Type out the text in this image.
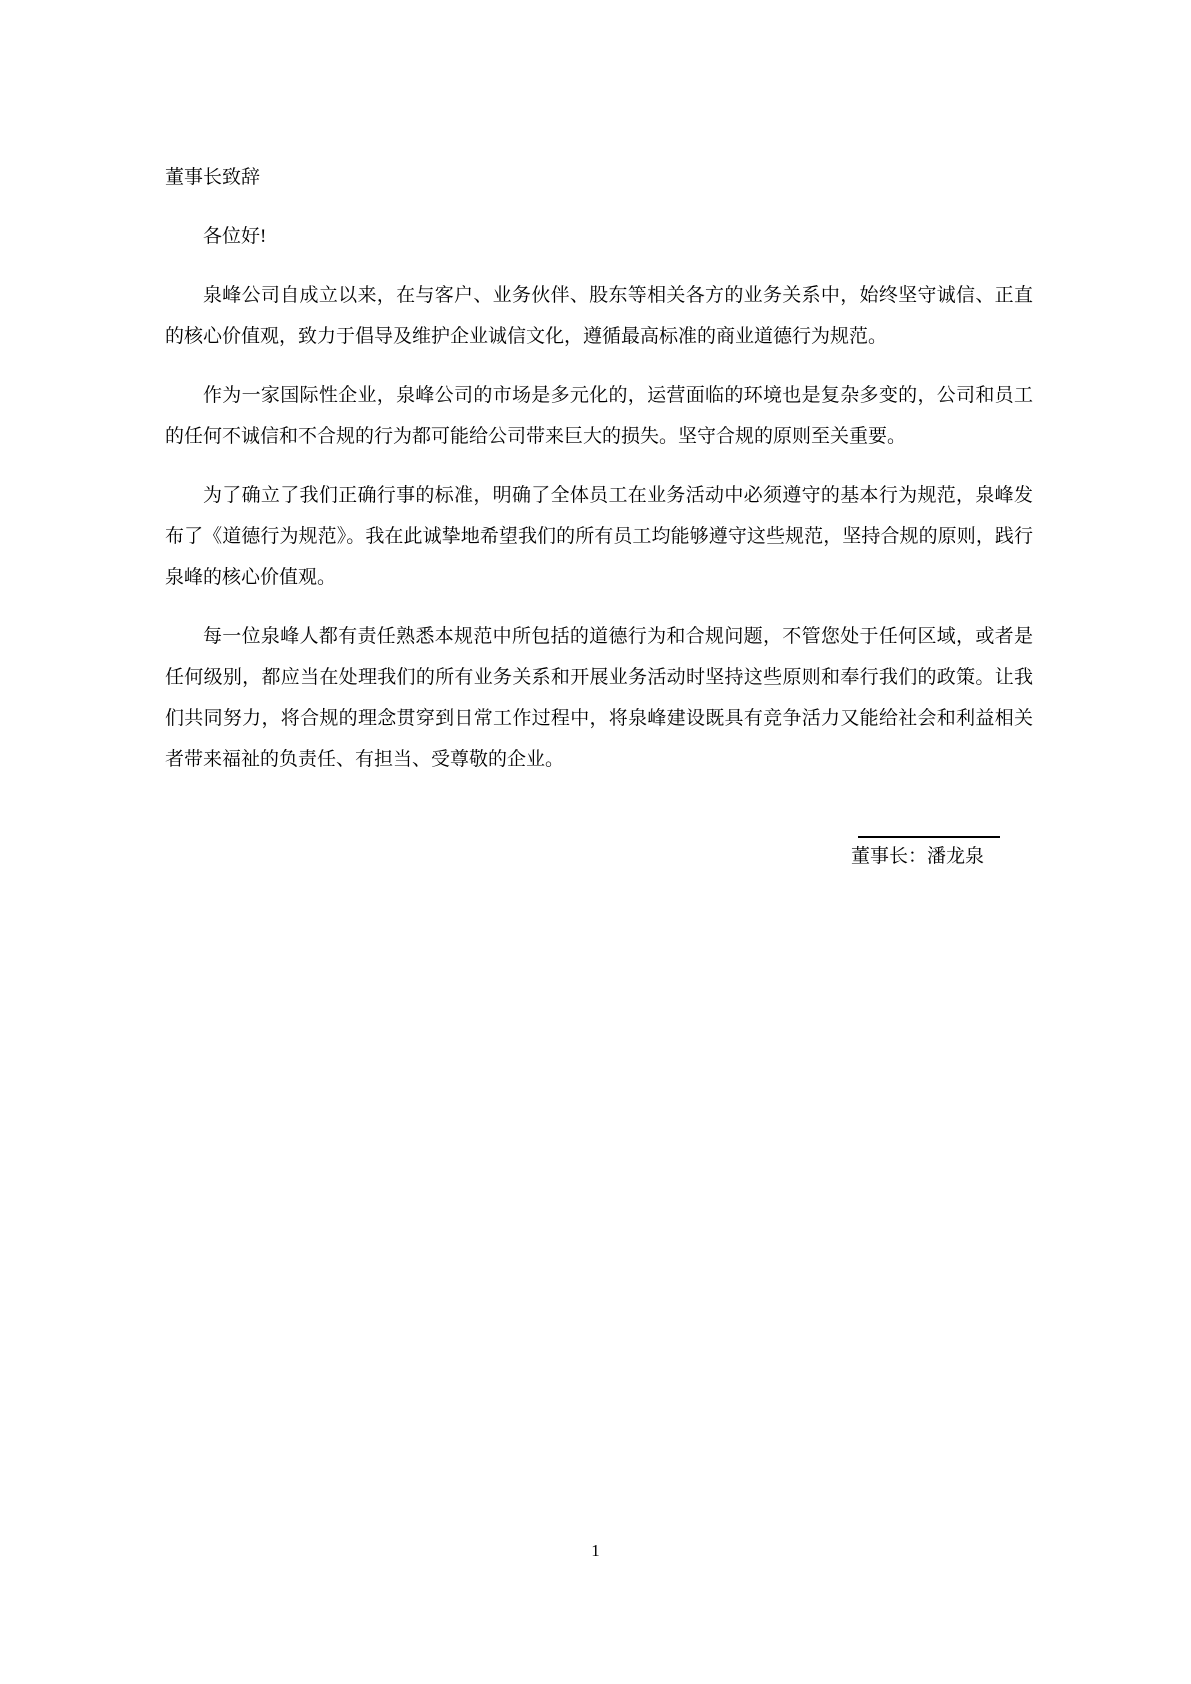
董事长致辞

各位好!

泉峰公司自成立以来，在与客户、业务伙伴、股东等相关各方的业务关系中，始终坚守诚信、正直的核心价值观，致力于倡导及维护企业诚信文化，遵循最高标准的商业道德行为规范。

作为一家国际性企业，泉峰公司的市场是多元化的，运营面临的环境也是复杂多变的，公司和员工的任何不诚信和不合规的行为都可能给公司带来巨大的损失。坚守合规的原则至关重要。

为了确立了我们正确行事的标准，明确了全体员工在业务活动中必须遵守的基本行为规范，泉峰发布了《道德行为规范》。我在此诚挚地希望我们的所有员工均能够遵守这些规范，坚持合规的原则，践行泉峰的核心价值观。

每一位泉峰人都有责任熟悉本规范中所包括的道德行为和合规问题，不管您处于任何区域，或者是任何级别，都应当在处理我们的所有业务关系和开展业务活动时坚持这些原则和奉行我们的政策。让我们共同努力，将合规的理念贯穿到日常工作过程中，将泉峰建设既具有竞争活力又能给社会和利益相关者带来福祉的负责任、有担当、受尊敬的企业。

董事长：潘龙泉
1
